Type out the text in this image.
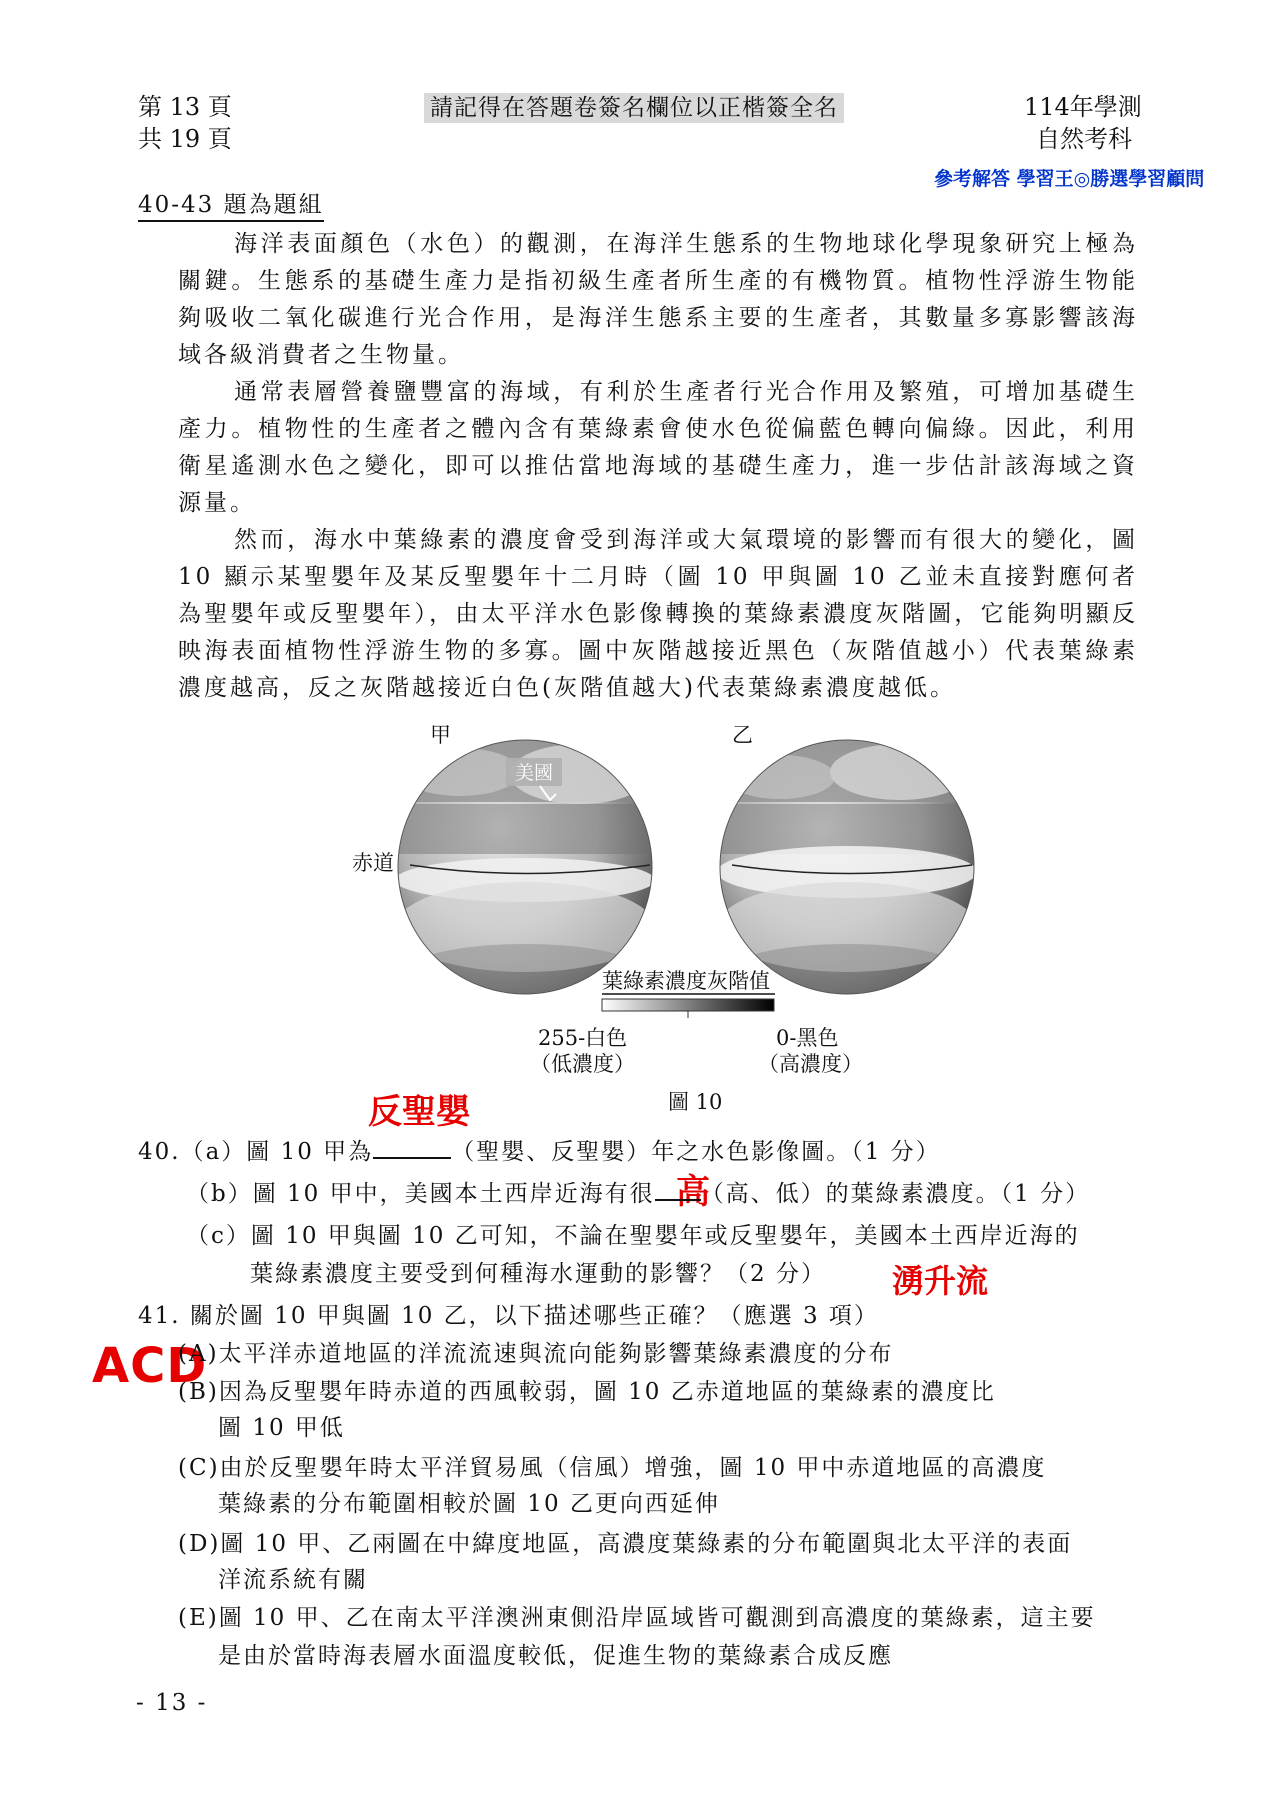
第 13 頁
共 19 頁
請記得在答題卷簽名欄位以正楷簽全名	114年學測
自然考科
參考解答 學習王◎勝選學習顧問
40-43 題為題組
海洋表面顏色（水色）的觀測，在海洋生態系的生物地球化學現象研究上極為關鍵。生態系的基礎生產力是指初級生產者所生產的有機物質。植物性浮游生物能夠吸收二氧化碳進行光合作用，是海洋生態系主要的生產者，其數量多寡影響該海域各級消費者之生物量。
通常表層營養鹽豐富的海域，有利於生產者行光合作用及繁殖，可增加基礎生產力。植物性的生產者之體內含有葉綠素會使水色從偏藍色轉向偏綠。因此，利用衛星遙測水色之變化，即可以推估當地海域的基礎生產力，進一步估計該海域之資源量。
然而，海水中葉綠素的濃度會受到海洋或大氣環境的影響而有很大的變化，圖 10 顯示某聖嬰年及某反聖嬰年十二月時（圖 10 甲與圖 10 乙並未直接對應何者為聖嬰年或反聖嬰年），由太平洋水色影像轉換的葉綠素濃度灰階圖，它能夠明顯反映海表面植物性浮游生物的多寡。圖中灰階越接近黑色（灰階值越小）代表葉綠素濃度越高，反之灰階越接近白色(灰階值越大)代表葉綠素濃度越低。
美國
甲	乙
赤道
葉綠素濃度灰階值
255-白色
（低濃度）
0-黑色
（高濃度）
圖 10
反聖嬰
高
湧升流
ACD
40.（a）圖 10 甲為	（聖嬰、反聖嬰）年之水色影像圖。（1 分）
（b）圖 10 甲中，美國本土西岸近海有很 （高、低）的葉綠素濃度。（1 分）
（c）圖 10 甲與圖 10 乙可知，不論在聖嬰年或反聖嬰年，美國本土西岸近海的
葉綠素濃度主要受到何種海水運動的影響？（2 分）
41. 關於圖 10 甲與圖 10 乙，以下描述哪些正確？（應選 3 項）
(A)太平洋赤道地區的洋流流速與流向能夠影響葉綠素濃度的分布
(B)因為反聖嬰年時赤道的西風較弱，圖 10 乙赤道地區的葉綠素的濃度比
圖 10 甲低
(C)由於反聖嬰年時太平洋貿易風（信風）增強，圖 10 甲中赤道地區的高濃度
葉綠素的分布範圍相較於圖 10 乙更向西延伸
(D)圖 10 甲、乙兩圖在中緯度地區，高濃度葉綠素的分布範圍與北太平洋的表面
洋流系統有關
(E)圖 10 甲、乙在南太平洋澳洲東側沿岸區域皆可觀測到高濃度的葉綠素，這主要
是由於當時海表層水面溫度較低，促進生物的葉綠素合成反應
- 13 -
